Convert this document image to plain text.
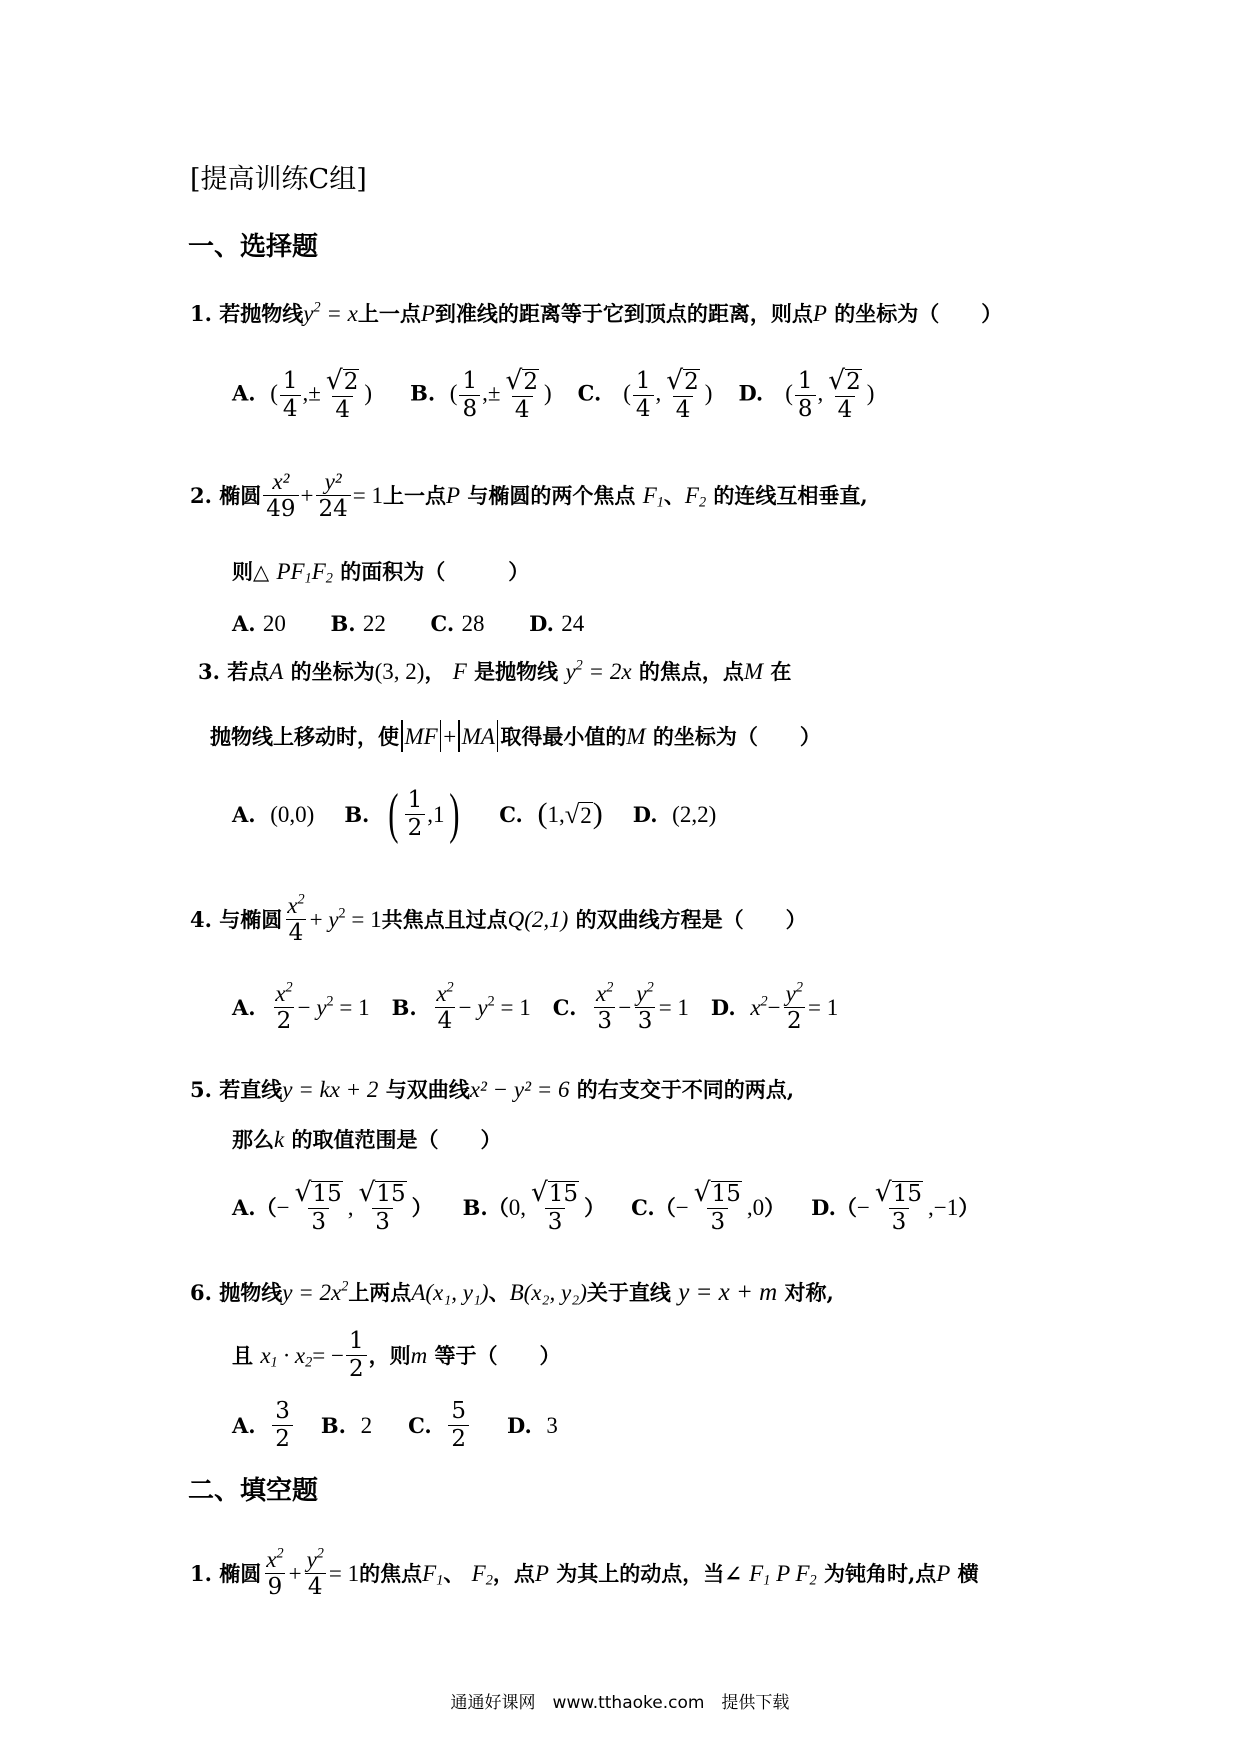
[提高训练C组]
一、选择题
1. 若抛物线$y^2 = x$上一点P到准线的距离等于它到顶点的距离，则点P 的坐标为（　　）
A. ( $\frac{1}{4}$ ,± $\frac{√ 2}{4}$ ) B. ( $\frac{1}{8}$ ,± $\frac{√ 2}{4}$ ) C. ( $\frac{1}{4}$ , $\frac{√ 2}{4}$ ) D. ( $\frac{1}{8}$ , $\frac{√ 2}{4}$ )
2.
椭圆
x²
49
+ $\frac{\text{y²}}{24} = 1$ 上一点 P
与椭圆的两个焦点
$F_1$ 、 $F_2$
的连线互相垂直,
则△ $PF_1F_2$ 的面积为（　　　）
A. 20 B. 22 C. 28 D. 24
3. 若点A 的坐标为(3, 2)， F 是抛物线 $y^2 = 2x$ 的焦点，点M 在
抛物线上移动时，使 MF + MA 取得最小值的 M
的坐标为（　　）
A.
(0,0) B.
( 1
2
,1 ) C.
( 1, √ 2 ) D.
(2,2)
4.
与椭圆
$x^2$
4
+ $y^2 = 1$ 共焦点且过点 Q(2,1)
的双曲线方程是（　　）
A.

$x^2$
2
− $y^2 = 1$ B.

$x^2$
4
− $y^2 = 1$ C.

$x^2$
3
− $\frac{y^2}{3} = 1$ D.
$x^2 - \frac{y^2}{2} = 1$
5. 若直线y = kx + 2 与双曲线x² − y² = 6 的右支交于不同的两点,
那么k 的取值范围是（　　）
A. （ − $\frac{√ 15}{3}$ , √ 15
3
） B. （ 0, √ 15
3
） C. （ − $\frac{√ 15}{3} ,0$ ） D. （ − $\frac{√ 15}{3} ,-1$ ）
6. 抛物线$y = 2x^2$上两点A(x₁, y₁)、B(x₂, y₂)关于直线 y = x + m 对称,
且
$x_1 \cdot x_2$ = − $\frac{1}{2}$ ，则 m
等于（　　）
A.

3
2
B.
2 C.

5
2
D.
3
二、填空题
1.
椭圆
$x^2$
9
+ $\frac{y^2}{4} = 1$ 的焦点 $F_1$ 、 $F_2$ ，点 P
为其上的动点，当∠
$F_1$ P $F_2$
为钝角时,点 P
横
通通好课网　www.tthaoke.com　提供下载
